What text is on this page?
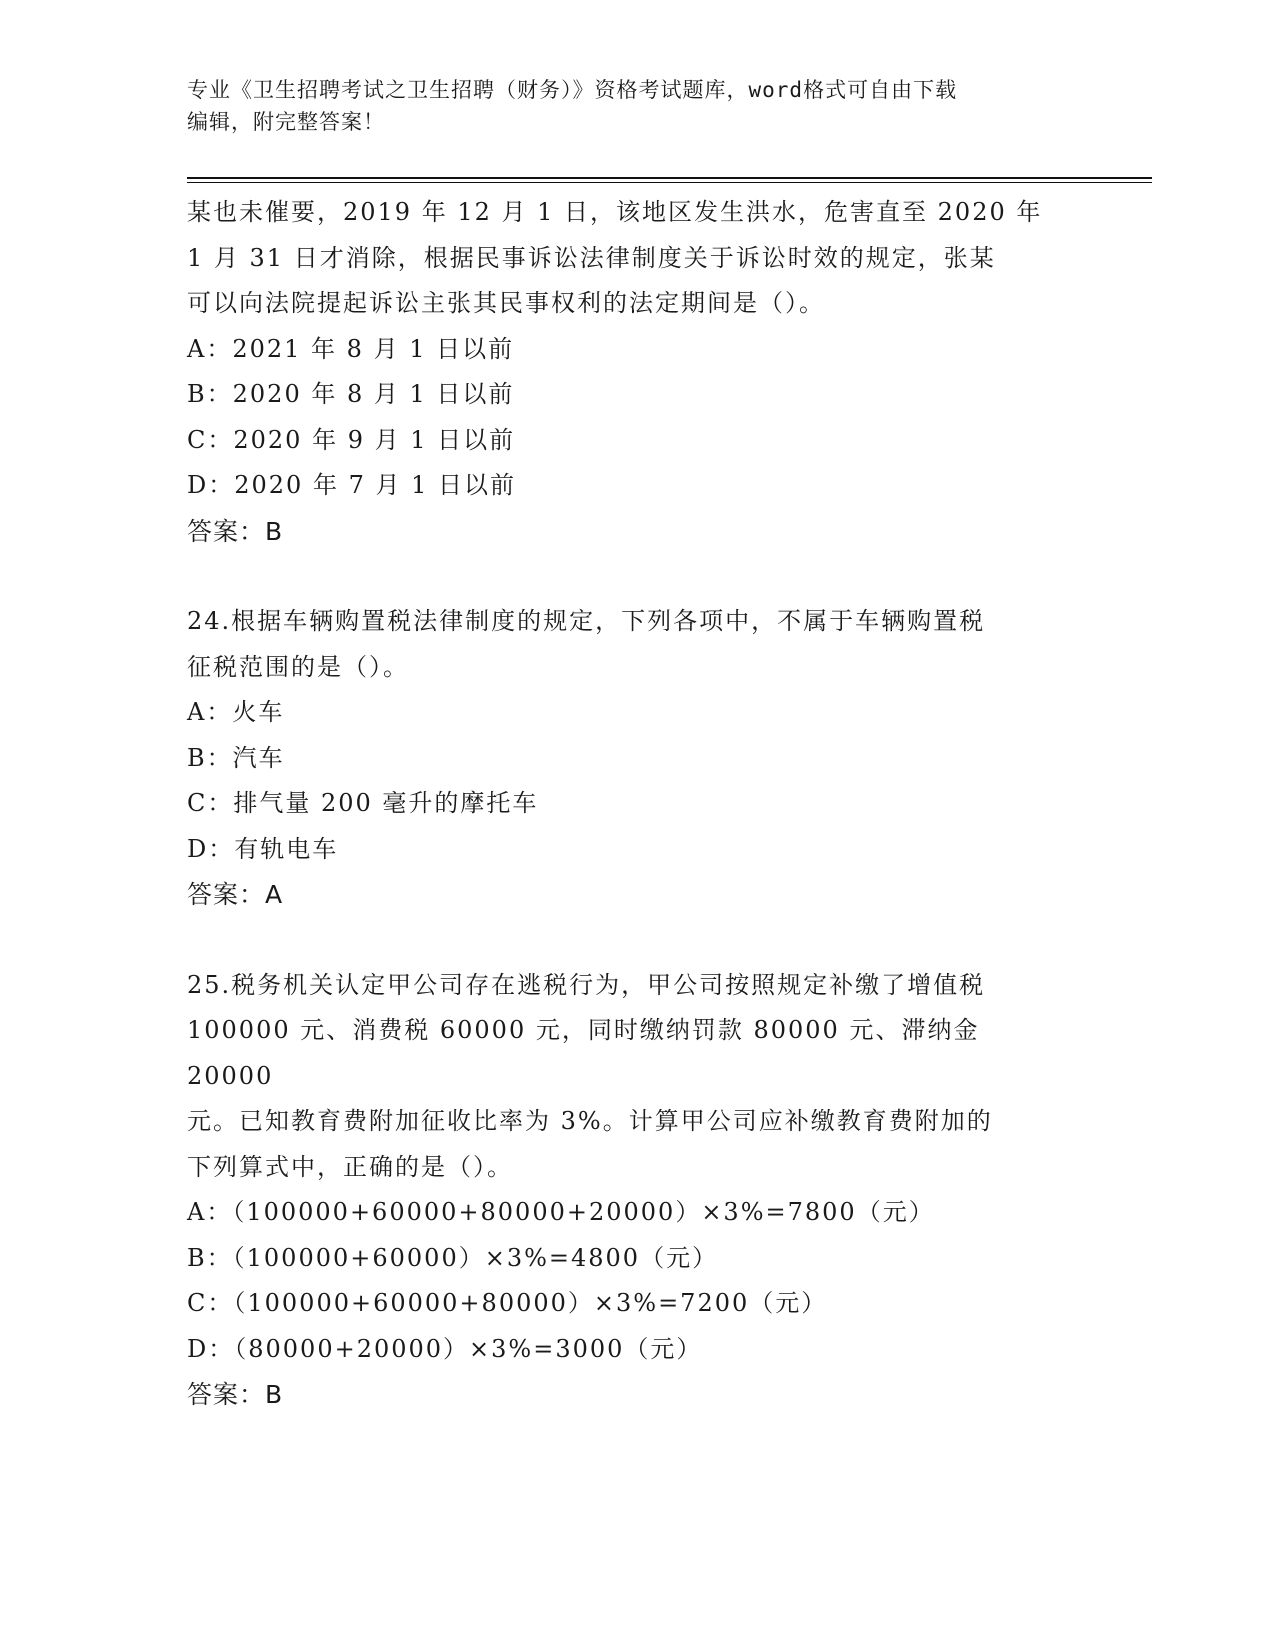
专业《卫生招聘考试之卫生招聘（财务）》资格考试题库，word格式可自由下载
编辑，附完整答案！

某也未催要，2019 年 12 月 1 日，该地区发生洪水，危害直至 2020 年

1 月 31 日才消除，根据民事诉讼法律制度关于诉讼时效的规定，张某

可以向法院提起诉讼主张其民事权利的法定期间是（）。

A：2021 年 8 月 1 日以前

B：2020 年 8 月 1 日以前

C：2020 年 9 月 1 日以前

D：2020 年 7 月 1 日以前

答案：B

24.根据车辆购置税法律制度的规定，下列各项中，不属于车辆购置税

征税范围的是（）。

A：火车

B：汽车

C：排气量 200 毫升的摩托车

D：有轨电车

答案：A

25.税务机关认定甲公司存在逃税行为，甲公司按照规定补缴了增值税

100000 元、消费税 60000 元，同时缴纳罚款 80000 元、滞纳金 20000

元。已知教育费附加征收比率为 3%。计算甲公司应补缴教育费附加的

下列算式中，正确的是（）。

A：（100000+60000+80000+20000）×3%=7800（元）

B：（100000+60000）×3%=4800（元）

C：（100000+60000+80000）×3%=7200（元）

D：（80000+20000）×3%=3000（元）

答案：B
